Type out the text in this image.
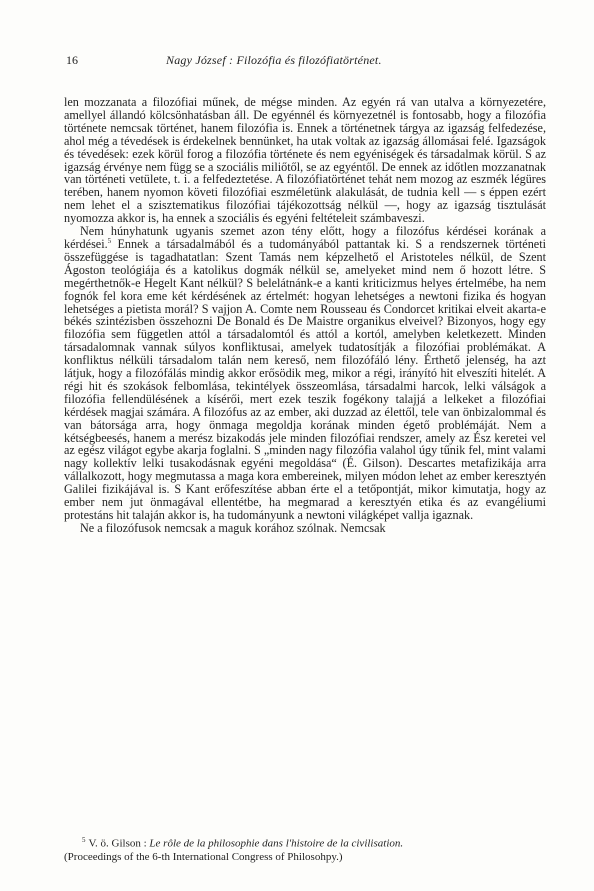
16	Nagy József : Filozófia és filozófiatörténet.

len mozzanata a filozófiai műnek, de mégse minden. Az egyén rá van utalva a környezetére, amellyel állandó kölcsönhatásban áll. De egyénnél és környezetnél is fontosabb, hogy a filozófia története nemcsak történet, hanem filozófia is. Ennek a történetnek tárgya az igazság felfedezése, ahol még a tévedések is érdekelnek bennünket, ha utak voltak az igazság állomásai felé. Igazságok és tévedések: ezek körül forog a filozófia története és nem egyéniségek és társadalmak körül. S az igazság érvénye nem függ se a szociális miliőtől, se az egyéntől. De ennek az időtlen mozzanatnak van történeti vetülete, t. i. a felfedeztetése. A filozófiatörténet tehát nem mozog az eszmék légüres terében, hanem nyomon követi filozófiai eszméletünk alakulását, de tudnia kell — s éppen ezért nem lehet el a szisztematikus filozófiai tájékozottság nélkül —, hogy az igazság tisztulását nyomozza akkor is, ha ennek a szociális és egyéni feltételeit számbaveszi.

Nem húnyhatunk ugyanis szemet azon tény előtt, hogy a filozófus kérdései korának a kérdései.$^5$ Ennek a társadalmából és a tudományából pattantak ki. S a rendszernek történeti összefüggése is tagadhatatlan: Szent Tamás nem képzelhető el Aristoteles nélkül, de Szent Ágoston teológiája és a katolikus dogmák nélkül se, amelyeket mind nem ő hozott létre. S megérthetnők-e Hegelt Kant nélkül? S belelátnánk-e a kanti kriticizmus helyes értelmébe, ha nem fognók fel kora eme két kérdésének az értelmét: hogyan lehetséges a newtoni fizika és hogyan lehetséges a pietista morál? S vajjon A. Comte nem Rousseau és Condorcet kritikai elveit akarta-e békés szintézisben összehozni De Bonald és De Maistre organikus elveivel? Bizonyos, hogy egy filozófia sem független attól a társadalomtól és attól a kortól, amelyben keletkezett. Minden társadalomnak vannak súlyos konfliktusai, amelyek tudatosítják a filozófiai problémákat. A konfliktus nélküli társadalom talán nem kereső, nem filozófáló lény. Érthető jelenség, ha azt látjuk, hogy a filozófálás mindig akkor erősödik meg, mikor a régi, irányító hit elveszíti hitelét. A régi hit és szokások felbomlása, tekintélyek összeomlása, társadalmi harcok, lelki válságok a filozófia fellendülésének a kísérői, mert ezek teszik fogékony talajjá a lelkeket a filozófiai kérdések magjai számára. A filozófus az az ember, aki duzzad az élettől, tele van önbizalommal és van bátorsága arra, hogy önmaga megoldja korának minden égető problémáját. Nem a kétségbeesés, hanem a merész bizakodás jele minden filozófiai rendszer, amely az Ész keretei vel az egész világot egybe akarja foglalni. S „minden nagy filozófia valahol úgy tűnik fel, mint valami nagy kollektív lelki tusakodásnak egyéni megoldása“ (É. Gilson). Descartes metafizikája arra vállalkozott, hogy megmutassa a maga kora embereinek, milyen módon lehet az ember keresztyén Galilei fizikájával is. S Kant erőfeszítése abban érte el a tetőpontját, mikor kimutatja, hogy az ember nem jut önmagával ellentétbe, ha megmarad a keresztyén etika és az evangéliumi protestáns hit talaján akkor is, ha tudományunk a newtoni világképet vallja igaznak.

Ne a filozófusok nemcsak a maguk korához szólnak. Nemcsak

$^5$ V. ö. Gilson : Le rôle de la philosophie dans l'histoire de la civilisation.
(Proceedings of the 6-th International Congress of Philosohpy.)
